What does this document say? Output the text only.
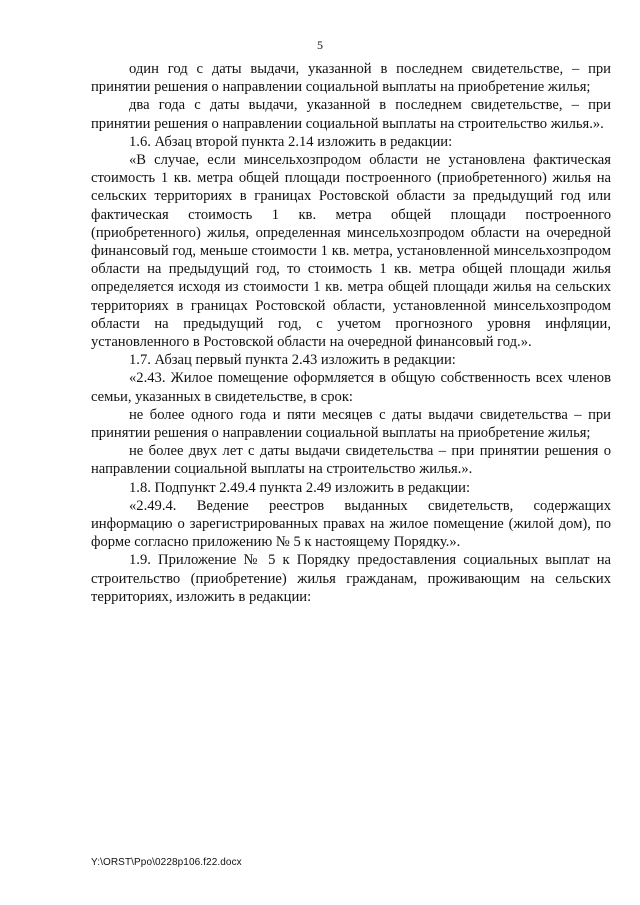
5

один год с даты выдачи, указанной в последнем свидетельстве, – при принятии решения о направлении социальной выплаты на приобретение жилья;

два года с даты выдачи, указанной в последнем свидетельстве, – при принятии решения о направлении социальной выплаты на строительство жилья.».

1.6. Абзац второй пункта 2.14 изложить в редакции:

«В случае, если минсельхозпродом области не установлена фактическая стоимость 1 кв. метра общей площади построенного (приобретенного) жилья на сельских территориях в границах Ростовской области за предыдущий год или фактическая стоимость 1 кв. метра общей площади построенного (приобретенного) жилья, определенная минсельхозпродом области на очередной финансовый год, меньше стоимости 1 кв. метра, установленной минсельхозпродом области на предыдущий год, то стоимость 1 кв. метра общей площади жилья определяется исходя из стоимости 1 кв. метра общей площади жилья на сельских территориях в границах Ростовской области, установленной минсельхозпродом области на предыдущий год, с учетом прогнозного уровня инфляции, установленного в Ростовской области на очередной финансовый год.».

1.7. Абзац первый пункта 2.43 изложить в редакции:

«2.43. Жилое помещение оформляется в общую собственность всех членов семьи, указанных в свидетельстве, в срок:

не более одного года и пяти месяцев с даты выдачи свидетельства – при принятии решения о направлении социальной выплаты на приобретение жилья;

не более двух лет с даты выдачи свидетельства – при принятии решения о направлении социальной выплаты на строительство жилья.».

1.8. Подпункт 2.49.4 пункта 2.49 изложить в редакции:

«2.49.4. Ведение реестров выданных свидетельств, содержащих информацию о зарегистрированных правах на жилое помещение (жилой дом), по форме согласно приложению № 5 к настоящему Порядку.».

1.9. Приложение № 5 к Порядку предоставления социальных выплат на строительство (приобретение) жилья гражданам, проживающим на сельских территориях, изложить в редакции:

Y:\ORST\Ppo\0228p106.f22.docx
